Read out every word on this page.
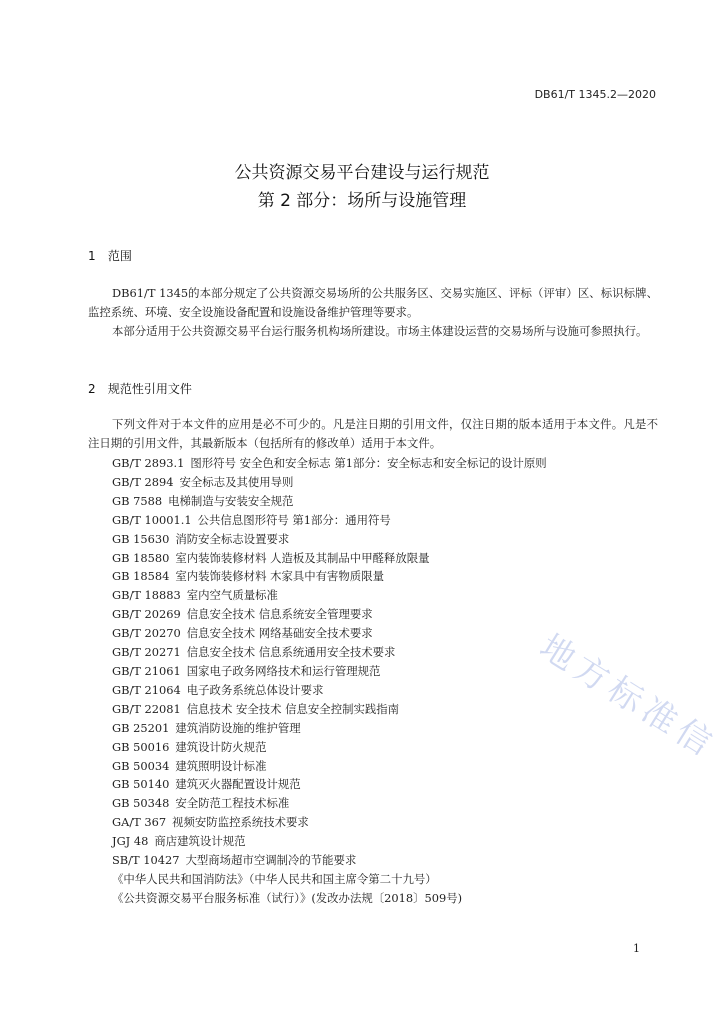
DB61/T 1345.2—2020
公共资源交易平台建设与运行规范
第 2 部分：场所与设施管理
1 范围
DB61/T 1345的本部分规定了公共资源交易场所的公共服务区、交易实施区、评标（评审）区、标识标牌、监控系统、环境、安全设施设备配置和设施设备维护管理等要求。
本部分适用于公共资源交易平台运行服务机构场所建设。市场主体建设运营的交易场所与设施可参照执行。
2 规范性引用文件
下列文件对于本文件的应用是必不可少的。凡是注日期的引用文件，仅注日期的版本适用于本文件。凡是不注日期的引用文件，其最新版本（包括所有的修改单）适用于本文件。
GB/T 2893.1 图形符号 安全色和安全标志 第1部分：安全标志和安全标记的设计原则
GB/T 2894 安全标志及其使用导则
GB 7588 电梯制造与安装安全规范
GB/T 10001.1 公共信息图形符号 第1部分：通用符号
GB 15630 消防安全标志设置要求
GB 18580 室内装饰装修材料 人造板及其制品中甲醛释放限量
GB 18584 室内装饰装修材料 木家具中有害物质限量
GB/T 18883 室内空气质量标准
GB/T 20269 信息安全技术 信息系统安全管理要求
GB/T 20270 信息安全技术 网络基础安全技术要求
GB/T 20271 信息安全技术 信息系统通用安全技术要求
GB/T 21061 国家电子政务网络技术和运行管理规范
GB/T 21064 电子政务系统总体设计要求
GB/T 22081 信息技术 安全技术 信息安全控制实践指南
GB 25201 建筑消防设施的维护管理
GB 50016 建筑设计防火规范
GB 50034 建筑照明设计标准
GB 50140 建筑灭火器配置设计规范
GB 50348 安全防范工程技术标准
GA/T 367 视频安防监控系统技术要求
JGJ 48 商店建筑设计规范
SB/T 10427 大型商场超市空调制冷的节能要求
《中华人民共和国消防法》（中华人民共和国主席令第二十九号）
《公共资源交易平台服务标准（试行）》(发改办法规〔2018〕509号)
地方标准信
1
